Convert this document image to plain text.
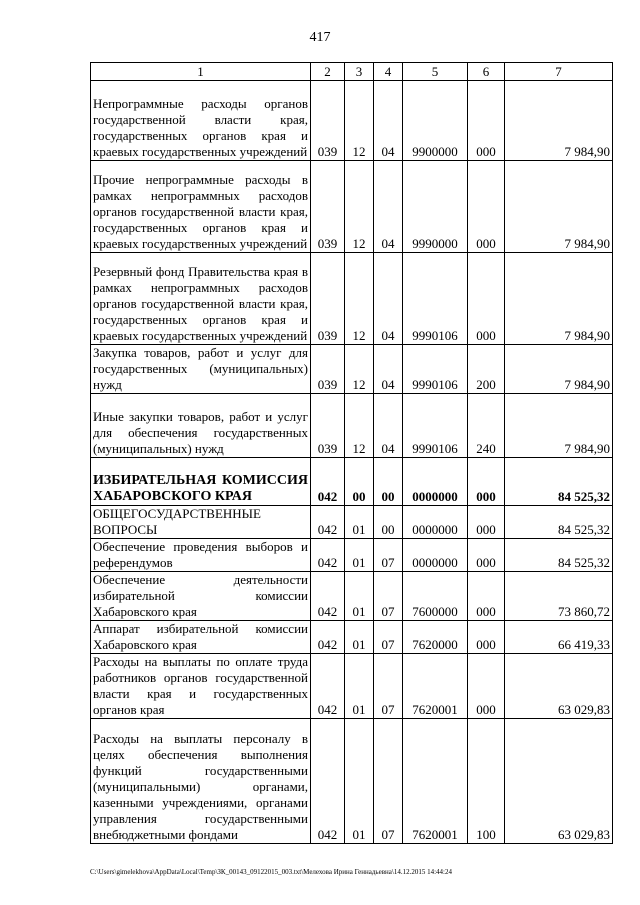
417
1	2	3	4	5	6	7
Непрограммные расходы органов государственной власти края, государственных органов края и краевых государственных учреждений	039	12	04	9900000	000	7 984,90
Прочие непрограммные расходы в рамках непрограммных расходов органов государственной власти края, государственных органов края и краевых государственных учреждений	039	12	04	9990000	000	7 984,90
Резервный фонд Правительства края в рамках непрограммных расходов органов государственной власти края, государственных органов края и краевых государственных учреждений	039	12	04	9990106	000	7 984,90
Закупка товаров, работ и услуг для государственных (муниципальных) нужд	039	12	04	9990106	200	7 984,90
Иные закупки товаров, работ и услуг для обеспечения государственных (муниципальных) нужд	039	12	04	9990106	240	7 984,90
ИЗБИРАТЕЛЬНАЯ КОМИССИЯ ХАБАРОВСКОГО КРАЯ	042	00	00	0000000	000	84 525,32
ОБЩЕГОСУДАРСТВЕННЫЕ ВОПРОСЫ	042	01	00	0000000	000	84 525,32
Обеспечение проведения выборов и референдумов	042	01	07	0000000	000	84 525,32
Обеспечение деятельности избирательной комиссии Хабаровского края	042	01	07	7600000	000	73 860,72
Аппарат избирательной комиссии Хабаровского края	042	01	07	7620000	000	66 419,33
Расходы на выплаты по оплате труда работников органов государственной власти края и государственных органов края	042	01	07	7620001	000	63 029,83
Расходы на выплаты персоналу в целях обеспечения выполнения функций государственными (муниципальными) органами, казенными учреждениями, органами управления государственными внебюджетными фондами	042	01	07	7620001	100	63 029,83
C:\Users\gimelekhova\AppData\Local\Temp\ЗК_00143_09122015_003.txt\Мелехова Ирина Геннадьевна\14.12.2015 14:44:24
